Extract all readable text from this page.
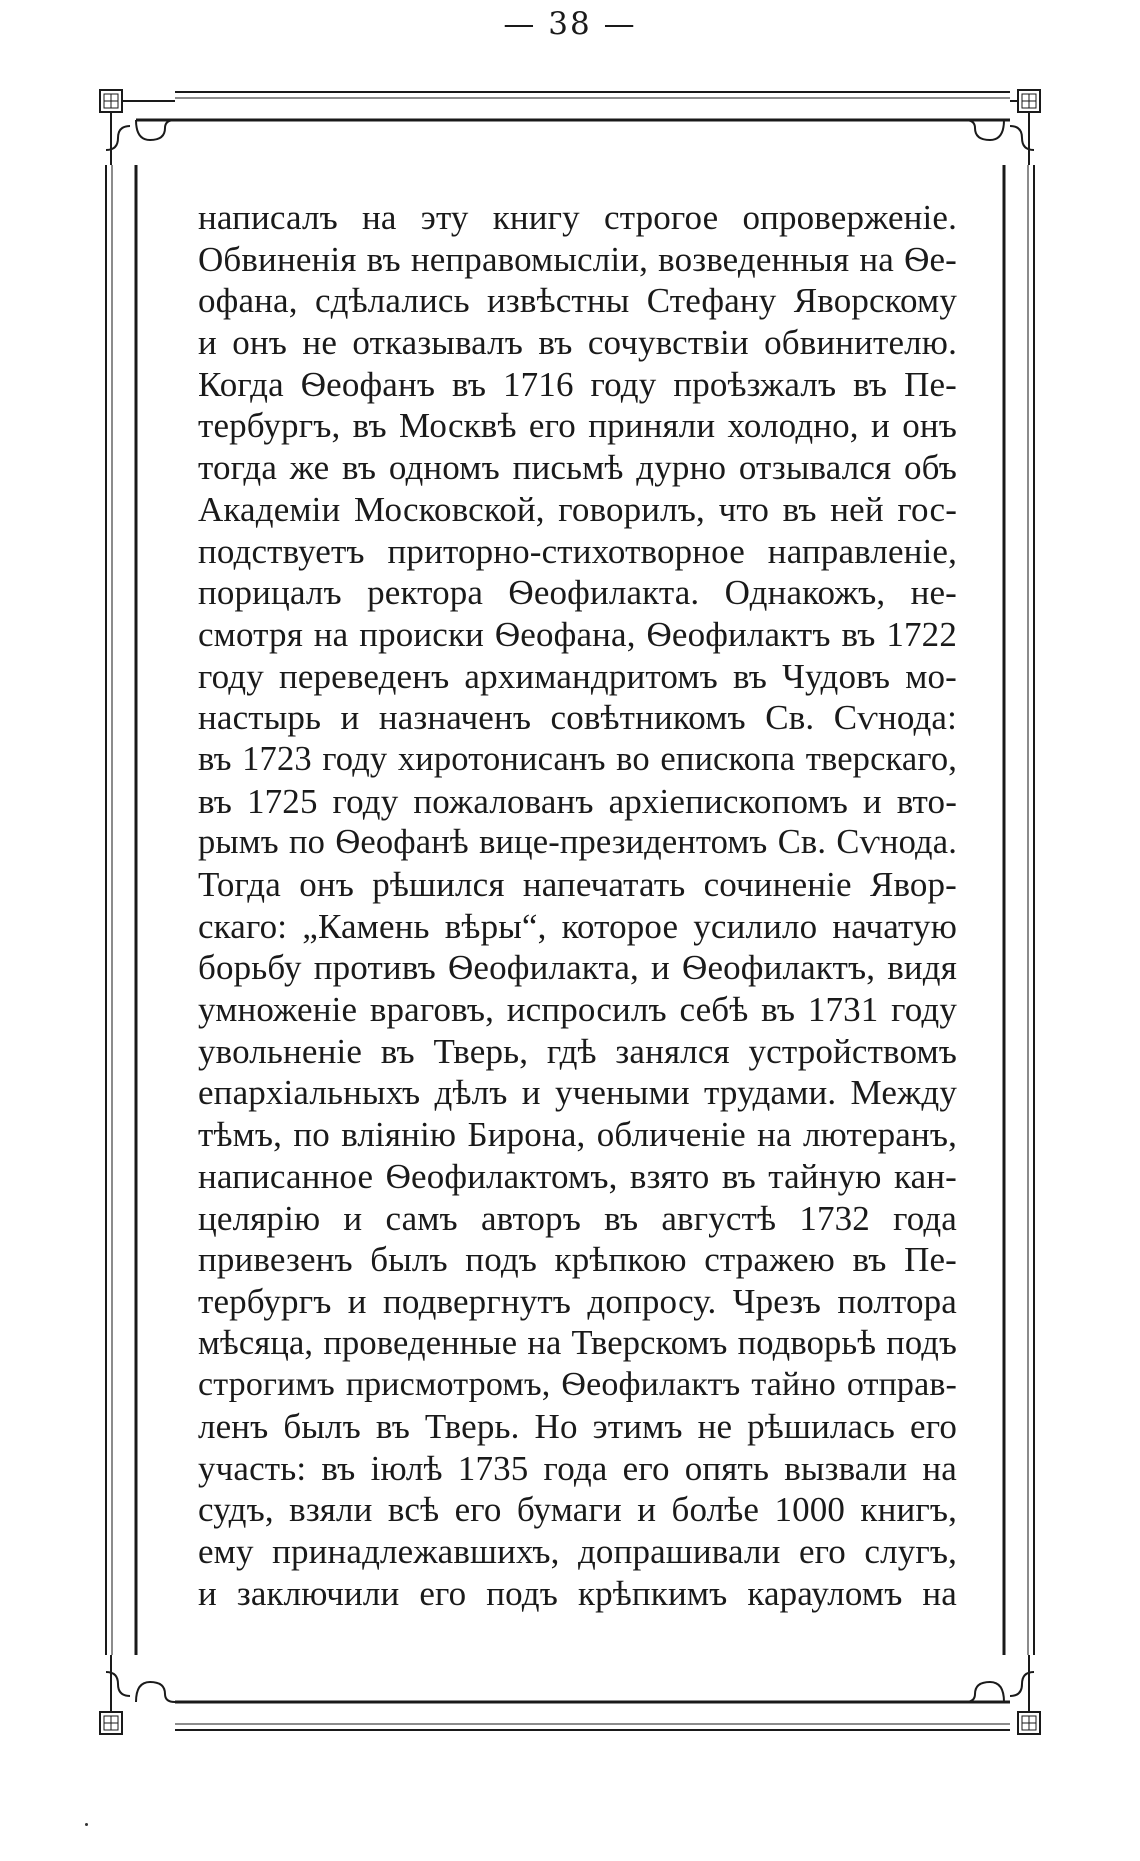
— 38 —
написалъ на эту книгу строгое опроверженіе.
Обвиненія въ неправомысліи, возведенныя на Ѳе-
офана, сдѣлались извѣстны Стефану Яворскому
и онъ не отказывалъ въ сочувствіи обвинителю.
Когда Ѳеофанъ въ 1716 году проѣзжалъ въ Пе-
тербургъ, въ Москвѣ его приняли холодно, и онъ
тогда же въ одномъ письмѣ дурно отзывался объ
Академіи Московской, говорилъ, что въ ней гос-
подствуетъ приторно-стихотворное направленіе,
порицалъ ректора Ѳеофилакта. Однакожъ, не-
смотря на происки Ѳеофана, Ѳеофилактъ въ 1722
году переведенъ архимандритомъ въ Чудовъ мо-
настырь и назначенъ совѣтникомъ Св. Сѵнода:
въ 1723 году хиротонисанъ во епископа тверскаго,
въ 1725 году пожалованъ архіепископомъ и вто-
рымъ по Ѳеофанѣ вице-президентомъ Св. Сѵнода.
Тогда онъ рѣшился напечатать сочиненіе Явор-
скаго: „Камень вѣры“, которое усилило начатую
борьбу противъ Ѳеофилакта, и Ѳеофилактъ, видя
умноженіе враговъ, испросилъ себѣ въ 1731 году
увольненіе въ Тверь, гдѣ занялся устройствомъ
епархіальныхъ дѣлъ и учеными трудами. Между
тѣмъ, по вліянію Бирона, обличеніе на лютеранъ,
написанное Ѳеофилактомъ, взято въ тайную кан-
целярію и самъ авторъ въ августѣ 1732 года
привезенъ былъ подъ крѣпкою стражею въ Пе-
тербургъ и подвергнутъ допросу. Чрезъ полтора
мѣсяца, проведенные на Тверскомъ подворьѣ подъ
строгимъ присмотромъ, Ѳеофилактъ тайно отправ-
ленъ былъ въ Тверь. Но этимъ не рѣшилась его
участь: въ іюлѣ 1735 года его опять вызвали на
судъ, взяли всѣ его бумаги и болѣе 1000 книгъ,
ему принадлежавшихъ, допрашивали его слугъ,
и заключили его подъ крѣпкимъ карауломъ на
